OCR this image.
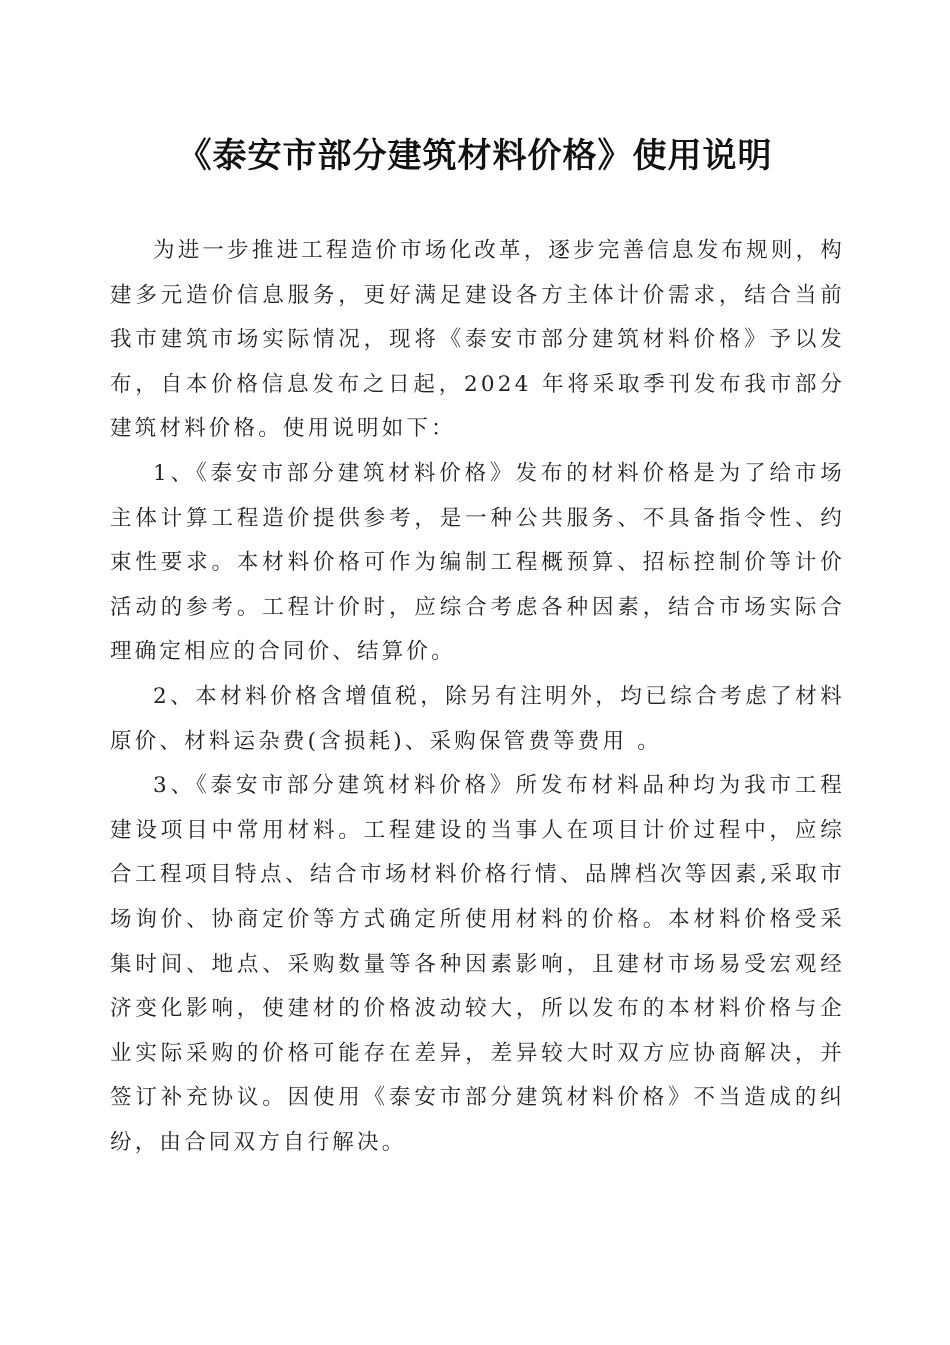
《泰安市部分建筑材料价格》使用说明

为进一步推进工程造价市场化改革，逐步完善信息发布规则，构建多元造价信息服务，更好满足建设各方主体计价需求，结合当前我市建筑市场实际情况，现将《泰安市部分建筑材料价格》予以发布，自本价格信息发布之日起，2024 年将采取季刊发布我市部分建筑材料价格。使用说明如下：

1、《泰安市部分建筑材料价格》发布的材料价格是为了给市场主体计算工程造价提供参考，是一种公共服务、不具备指令性、约束性要求。本材料价格可作为编制工程概预算、招标控制价等计价活动的参考。工程计价时，应综合考虑各种因素，结合市场实际合理确定相应的合同价、结算价。

2、本材料价格含增值税，除另有注明外，均已综合考虑了材料原价、材料运杂费(含损耗)、采购保管费等费用 。

3、《泰安市部分建筑材料价格》所发布材料品种均为我市工程建设项目中常用材料。工程建设的当事人在项目计价过程中，应综合工程项目特点、结合市场材料价格行情、品牌档次等因素,采取市场询价、协商定价等方式确定所使用材料的价格。本材料价格受采集时间、地点、采购数量等各种因素影响，且建材市场易受宏观经济变化影响，使建材的价格波动较大，所以发布的本材料价格与企业实际采购的价格可能存在差异，差异较大时双方应协商解决，并签订补充协议。因使用《泰安市部分建筑材料价格》不当造成的纠纷，由合同双方自行解决。
